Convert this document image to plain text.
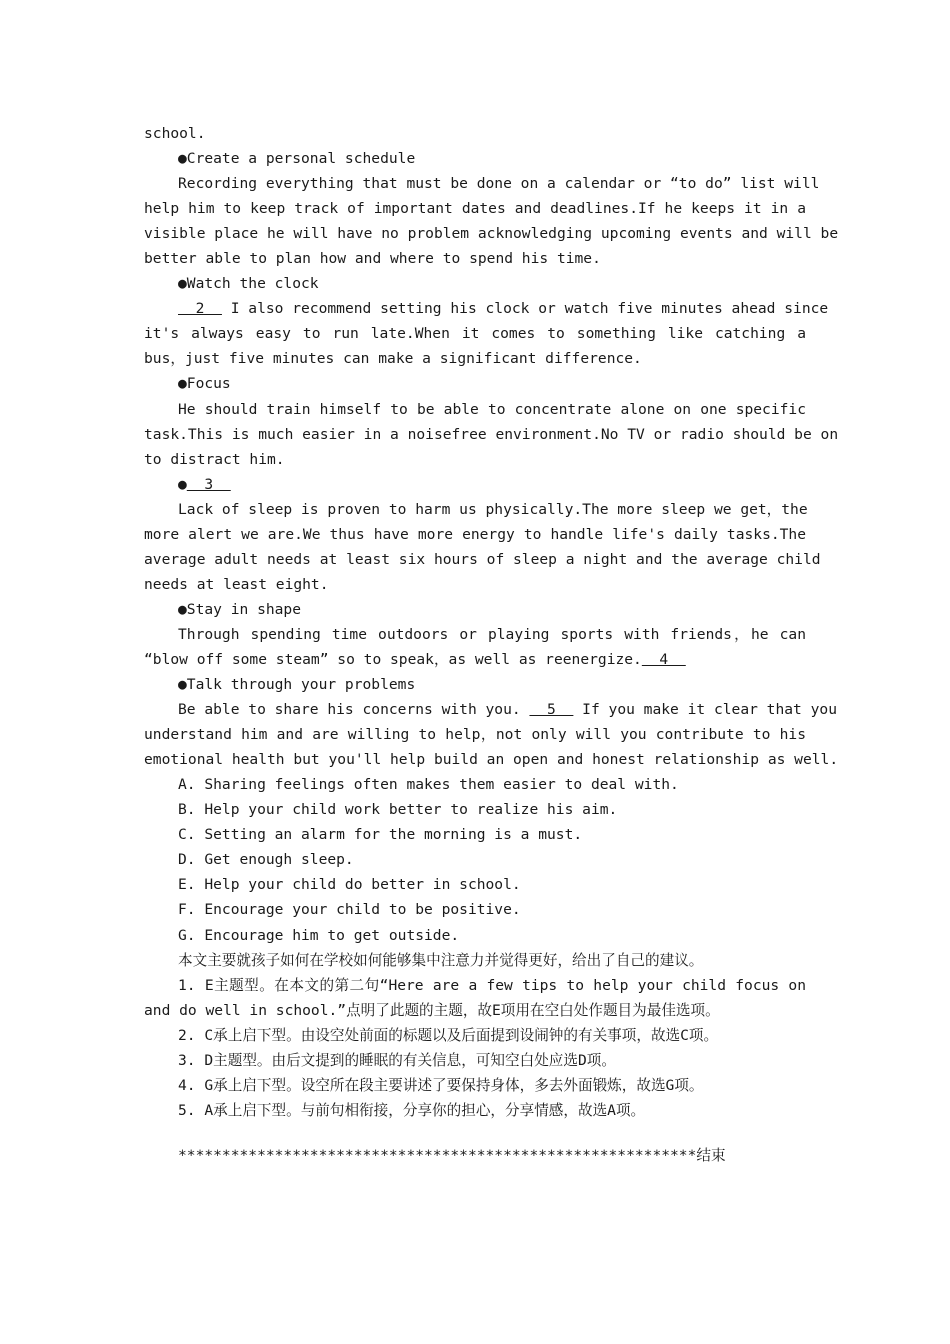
school.
●Create a personal schedule
Recording everything that must be done on a calendar or “to do” list will
help him to keep track of important dates and deadlines.If he keeps it in a
visible place he will have no problem acknowledging upcoming events and will be
better able to plan how and where to spend his time.
●Watch the clock
2   I also recommend setting his clock or watch five minutes ahead since
it's always easy to run late.When it comes to something like catching a
bus，just five minutes can make a significant difference.
●Focus
He should train himself to be able to concentrate alone on one specific
task.This is much easier in a noisefree environment.No TV or radio should be on
to distract him.
●  3
Lack of sleep is proven to harm us physically.The more sleep we get，the
more alert we are.We thus have more energy to handle life's daily tasks.The
average adult needs at least six hours of sleep a night and the average child
needs at least eight.
●Stay in shape
Through spending time outdoors or playing sports with friends，he can
“blow off some steam” so to speak，as well as reenergize.  4
●Talk through your problems
Be able to share his concerns with you.   5   If you make it clear that you
understand him and are willing to help，not only will you contribute to his
emotional health but you'll help build an open and honest relationship as well.
A. Sharing feelings often makes them easier to deal with.
B. Help your child work better to realize his aim.
C. Setting an alarm for the morning is a must.
D. Get enough sleep.
E. Help your child do better in school.
F. Encourage your child to be positive.
G. Encourage him to get outside.
本文主要就孩子如何在学校如何能够集中注意力并觉得更好，给出了自己的建议。
1. E主题型。在本文的第二句“Here are a few tips to help your child focus on
and do well in school.”点明了此题的主题，故E项用在空白处作题目为最佳选项。
2. C承上启下型。由设空处前面的标题以及后面提到设闹钟的有关事项，故选C项。
3. D主题型。由后文提到的睡眠的有关信息，可知空白处应选D项。
4. G承上启下型。设空所在段主要讲述了要保持身体，多去外面锻炼，故选G项。
5. A承上启下型。与前句相衔接，分享你的担心，分享情感，故选A项。
***********************************************************结束
